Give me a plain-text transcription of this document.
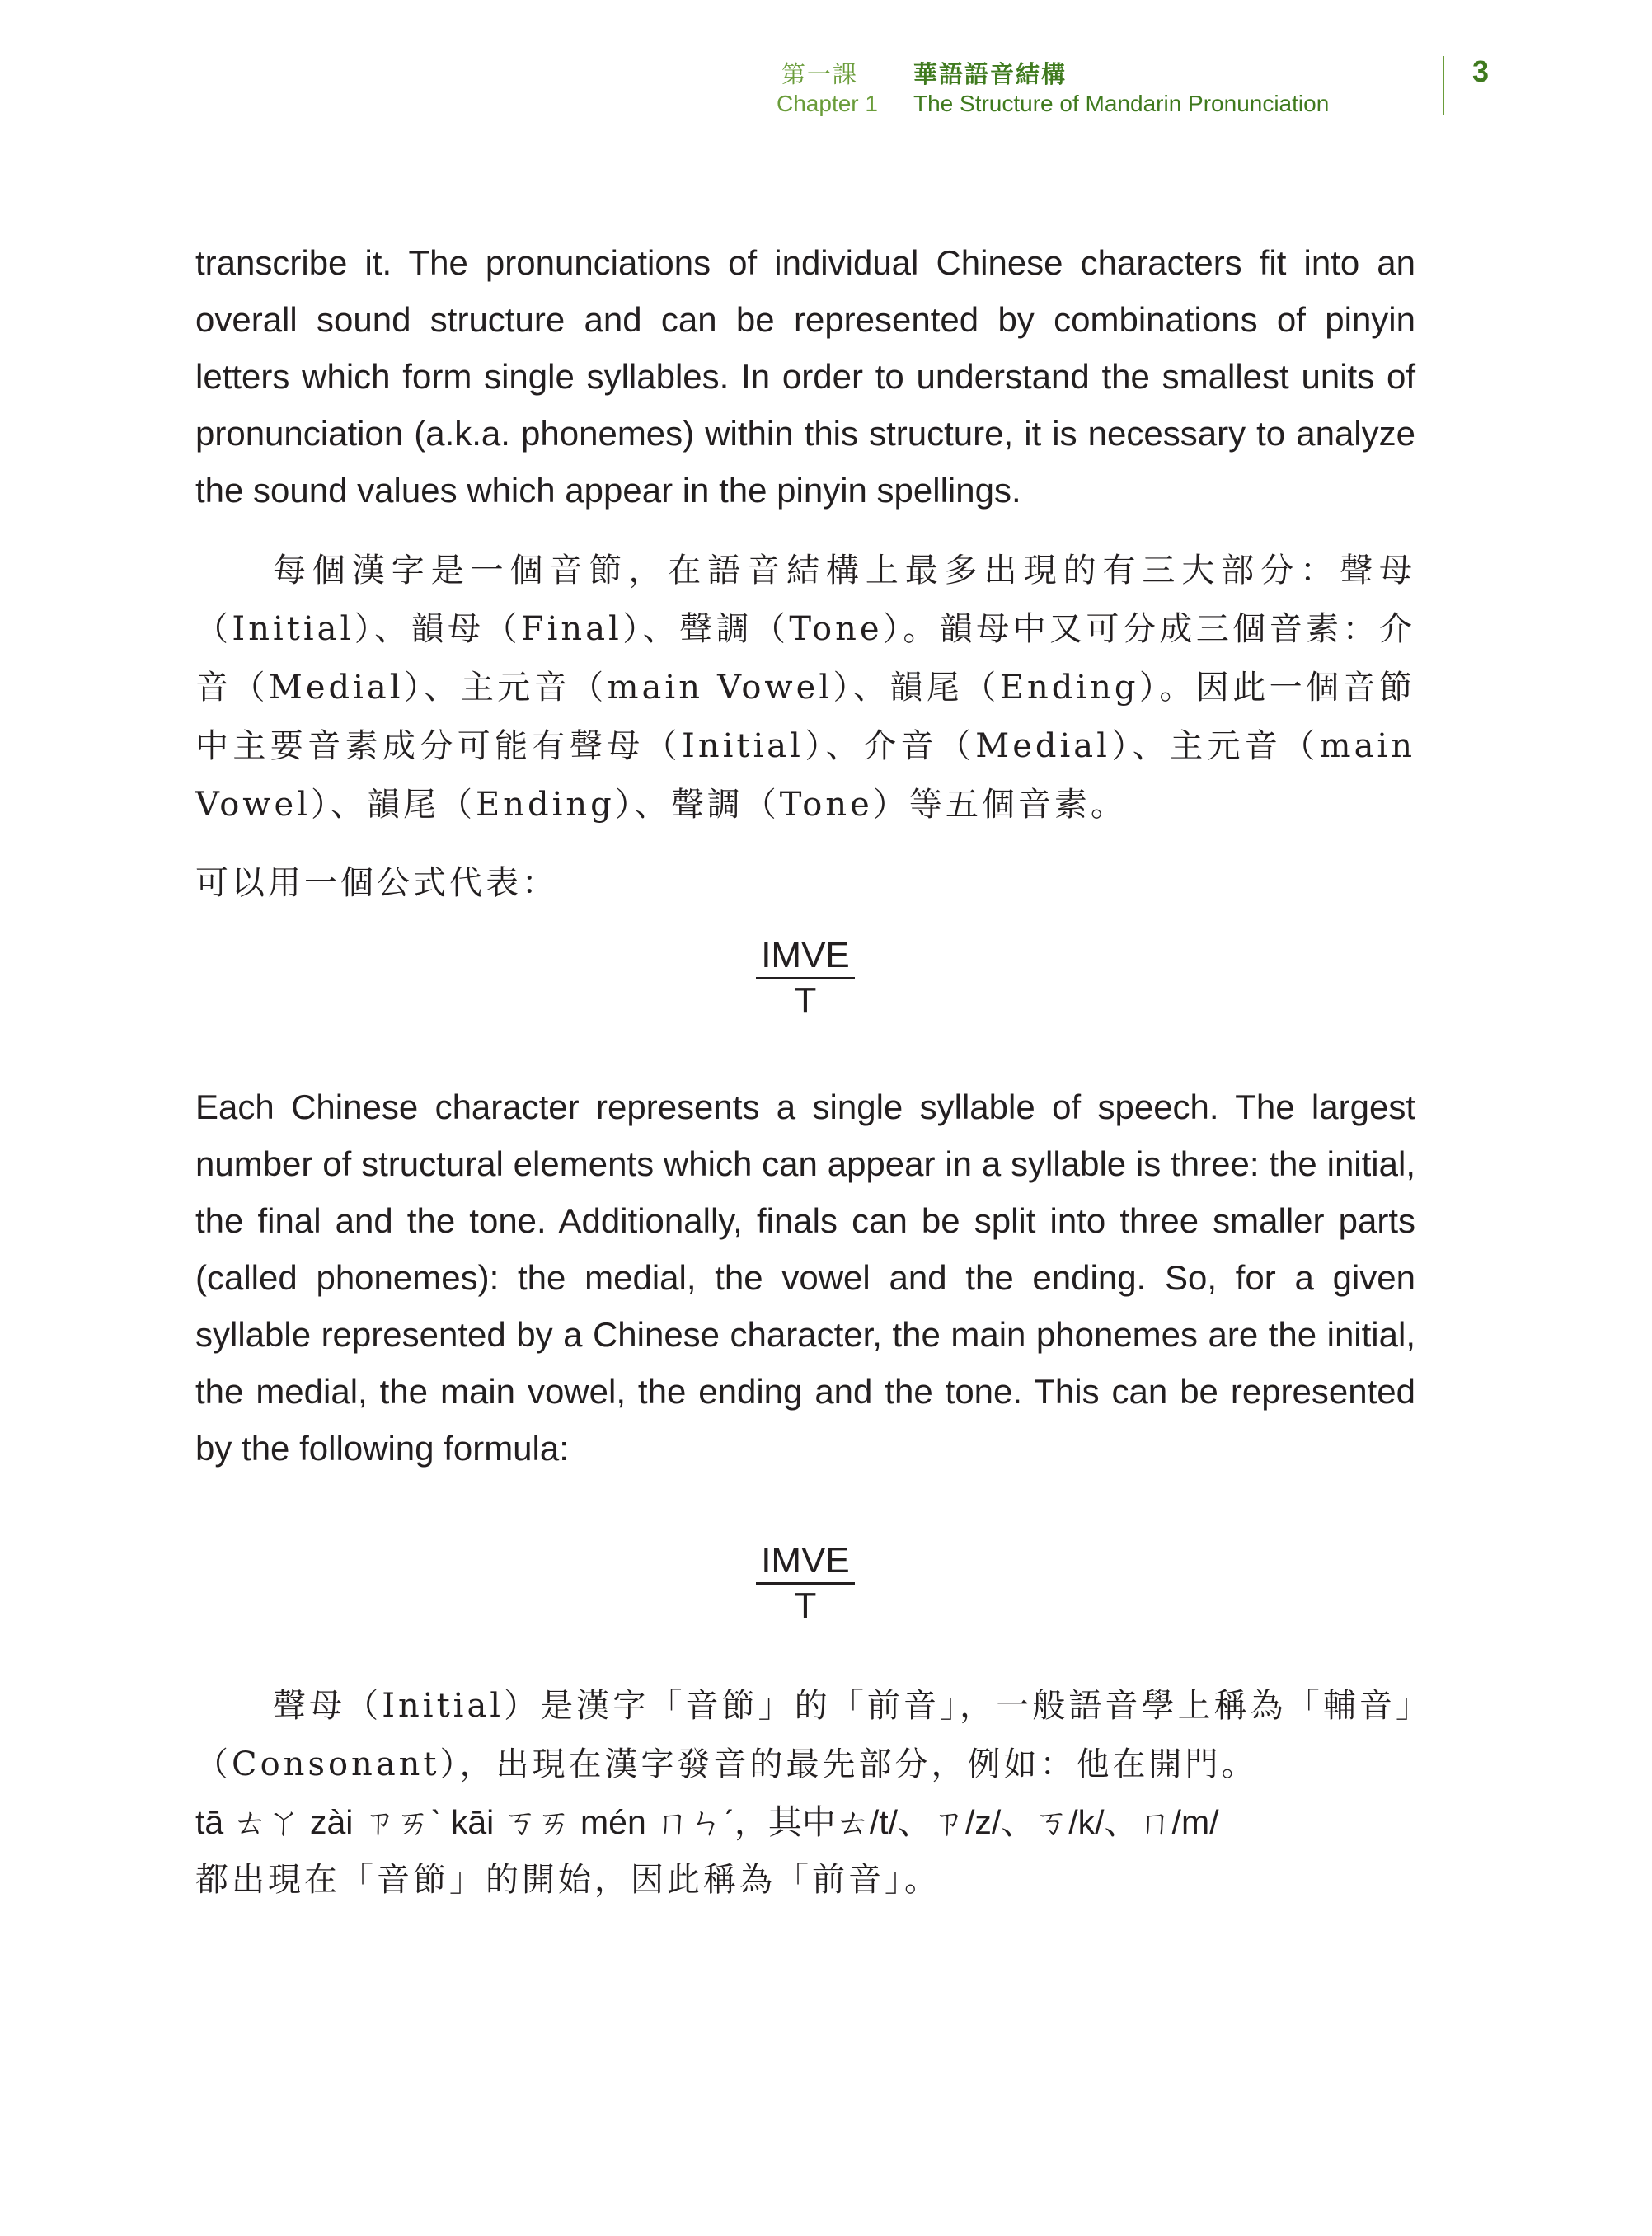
第一課 華語語音結構
Chapter 1 The Structure of Mandarin Pronunciation
3

transcribe it. The pronunciations of individual Chinese characters fit into an overall sound structure and can be represented by combinations of pinyin letters which form single syllables. In order to understand the smallest units of pronunciation (a.k.a. phonemes) within this structure, it is necessary to analyze the sound values which appear in the pinyin spellings.

每個漢字是一個音節，在語音結構上最多出現的有三大部分：聲母（Initial）、韻母（Final）、聲調（Tone）。韻母中又可分成三個音素：介音（Medial）、主元音（main Vowel）、韻尾（Ending）。因此一個音節中主要音素成分可能有聲母（Initial）、介音（Medial）、主元音（main Vowel）、韻尾（Ending）、聲調（Tone）等五個音素。

可以用一個公式代表：

IMVE
T

Each Chinese character represents a single syllable of speech. The largest number of structural elements which can appear in a syllable is three: the initial, the final and the tone. Additionally, finals can be split into three smaller parts (called phonemes): the medial, the vowel and the ending. So, for a given syllable represented by a Chinese character, the main phonemes are the initial, the medial, the main vowel, the ending and the tone. This can be represented by the following formula:

IMVE
T

聲母（Initial）是漢字「音節」的「前音」，一般語音學上稱為「輔音」（Consonant），出現在漢字發音的最先部分，例如：他在開門。

tā ㄊㄚ zài ㄗㄞˋ kāi ㄎㄞ mén ㄇㄣˊ，其中ㄊ/t/、ㄗ/z/、ㄎ/k/、ㄇ/m/

都出現在「音節」的開始，因此稱為「前音」。
